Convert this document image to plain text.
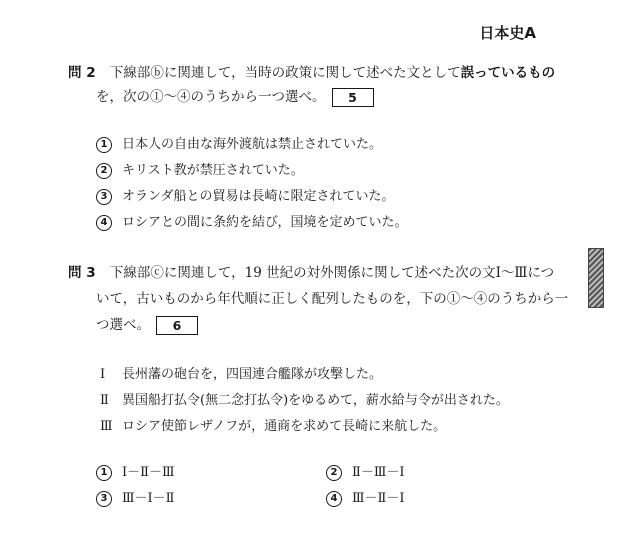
日本史A
問 2 下線部ⓑに関連して，当時の政策に関して述べた文として誤っているもの
を，次の①～④のうちから一つ選べ。 5
1 日本人の自由な海外渡航は禁止されていた。
2 キリスト教が禁圧されていた。
3 オランダ船との貿易は長崎に限定されていた。
4 ロシアとの間に条約を結び，国境を定めていた。
問 3 下線部ⓒに関連して，19 世紀の対外関係に関して述べた次の文Ⅰ～Ⅲにつ
いて，古いものから年代順に正しく配列したものを，下の①～④のうちから一
つ選べ。 6
Ⅰ 長州藩の砲台を，四国連合艦隊が攻撃した。
Ⅱ 異国船打払令(無二念打払令)をゆるめて，薪水給与令が出された。
Ⅲ ロシア使節レザノフが，通商を求めて長崎に来航した。
1 Ⅰ－Ⅱ－Ⅲ	2 Ⅱ－Ⅲ－Ⅰ
3 Ⅲ－Ⅰ－Ⅱ	4 Ⅲ－Ⅱ－Ⅰ
